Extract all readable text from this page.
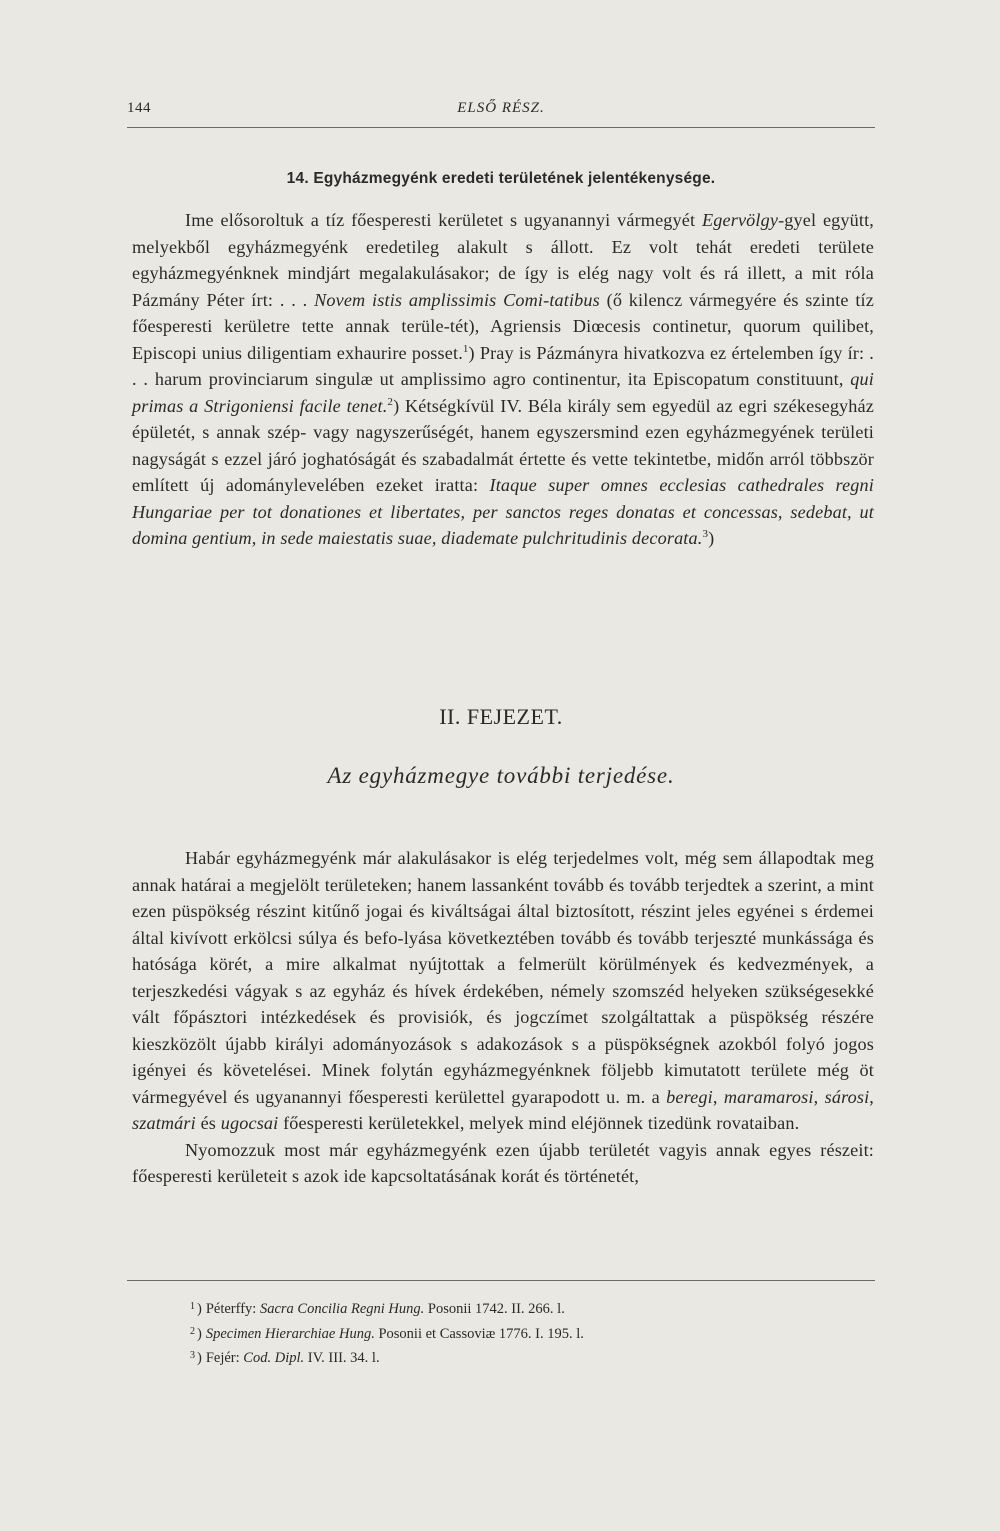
144	ELSŐ RÉSZ.
14. Egyházmegyénk eredeti területének jelentékenysége.

Ime elősoroltuk a tíz főesperesti kerületet s ugyanannyi vármegyét Egervölgy-gyel együtt, melyekből egyházmegyénk eredetileg alakult s állott. Ez volt tehát eredeti területe egyházmegyénknek mindjárt megalakulásakor; de így is elég nagy volt és rá illett, a mit róla Pázmány Péter írt: . . . Novem istis amplissimis Comi-tatibus (ő kilencz vármegyére és szinte tíz főesperesti kerületre tette annak terüle-tét), Agriensis Diœcesis continetur, quorum quilibet, Episcopi unius diligentiam exhaurire posset.$^1$) Pray is Pázmányra hivatkozva ez értelemben így ír: . . . harum provinciarum singulæ ut amplissimo agro continentur, ita Episcopatum constituunt, qui primas a Strigoniensi facile tenet.$^2$) Kétségkívül IV. Béla király sem egyedül az egri székesegyház épületét, s annak szép- vagy nagyszerűségét, hanem egyszersmind ezen egyházmegyének területi nagyságát s ezzel járó joghatóságát és szabadalmát értette és vette tekintetbe, midőn arról többször említett új adománylevelében ezeket iratta: Itaque super omnes ecclesias cathedrales regni Hungariae per tot donationes et libertates, per sanctos reges donatas et concessas, sedebat, ut domina gentium, in sede maiestatis suae, diademate pulchritudinis decorata.$^3$)

II. FEJEZET.
Az egyházmegye további terjedése.

Habár egyházmegyénk már alakulásakor is elég terjedelmes volt, még sem állapodtak meg annak határai a megjelölt területeken; hanem lassanként tovább és tovább terjedtek a szerint, a mint ezen püspökség részint kitűnő jogai és kiváltságai által biztosított, részint jeles egyénei s érdemei által kivívott erkölcsi súlya és befo-lyása következtében tovább és tovább terjeszté munkássága és hatósága körét, a mire alkalmat nyújtottak a felmerült körülmények és kedvezmények, a terjeszkedési vágyak s az egyház és hívek érdekében, némely szomszéd helyeken szükségesekké vált főpásztori intézkedések és provisiók, és jogczímet szolgáltattak a püspökség részére kieszközölt újabb királyi adományozások s adakozások s a püspökségnek azokból folyó jogos igényei és követelései. Minek folytán egyházmegyénknek följebb kimutatott területe még öt vármegyével és ugyanannyi főesperesti kerülettel gyarapodott u. m. a beregi, maramarosi, sárosi, szatmári és ugocsai főesperesti kerületekkel, melyek mind eléjönnek tizedünk rovataiban.

Nyomozzuk most már egyházmegyénk ezen újabb területét vagyis annak egyes részeit: főesperesti kerületeit s azok ide kapcsoltatásának korát és történetét,

1 ) Péterffy: Sacra Concilia Regni Hung. Posonii 1742. II. 266. l.
2 ) Specimen Hierarchiae Hung. Posonii et Cassoviæ 1776. I. 195. l.
3 ) Fejér: Cod. Dipl. IV. III. 34. l.
